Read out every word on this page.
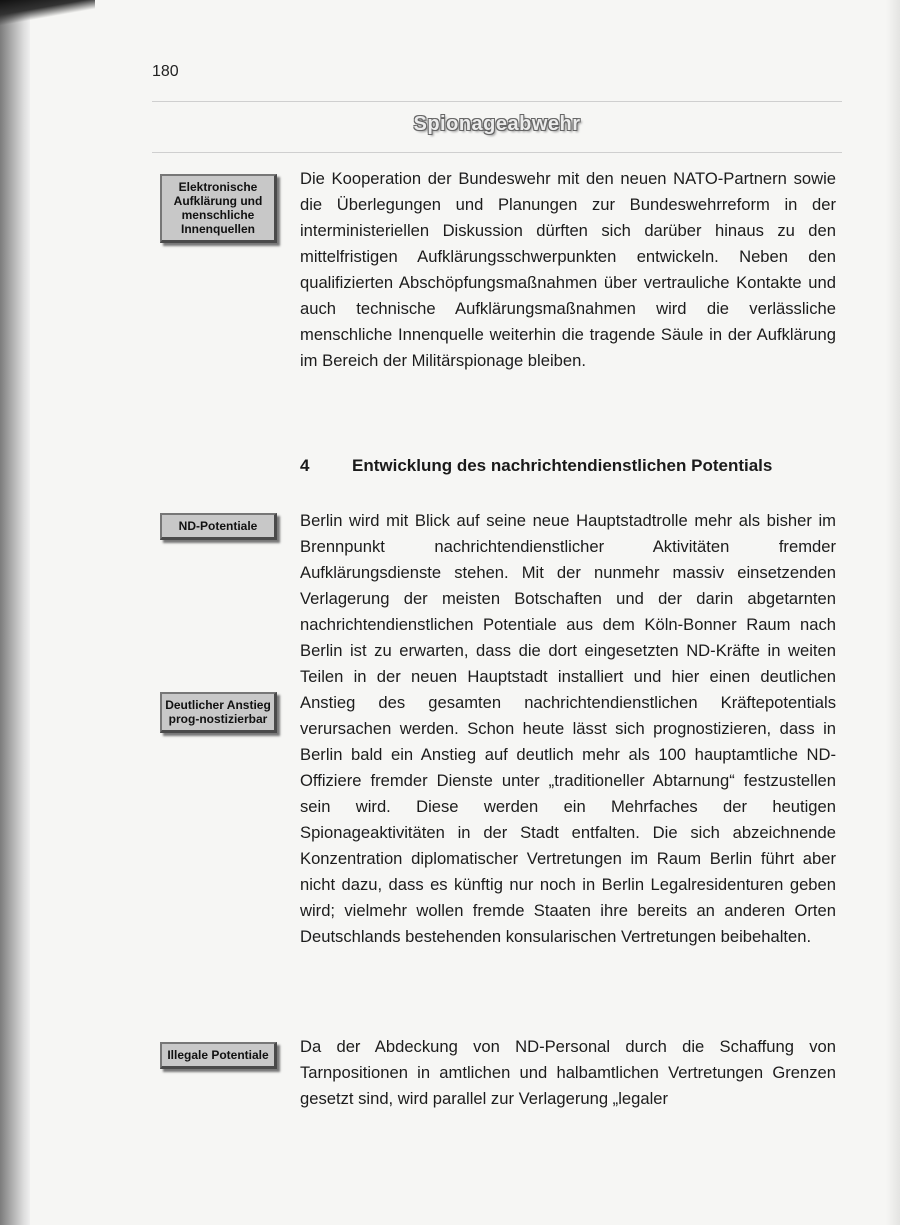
180
Spionageabwehr
Elektronische Aufklärung und menschliche Innenquellen
ND-Potentiale
Deutlicher Anstieg prog-nostizierbar
Illegale Potentiale
Die Kooperation der Bundeswehr mit den neuen NATO-Partnern sowie die Überlegungen und Planungen zur Bundeswehrreform in der interministeriellen Diskussion dürften sich darüber hinaus zu den mittelfristigen Aufklärungsschwerpunkten entwickeln. Neben den qualifizierten Abschöpfungsmaßnahmen über vertrauliche Kontakte und auch technische Aufklärungsmaßnahmen wird die verlässliche menschliche Innenquelle weiterhin die tragende Säule in der Aufklärung im Bereich der Militärspionage bleiben.
4	Entwicklung des nachrichtendienstlichen Potentials
Berlin wird mit Blick auf seine neue Hauptstadtrolle mehr als bisher im Brennpunkt nachrichtendienstlicher Aktivitäten fremder Aufklärungsdienste stehen. Mit der nunmehr massiv einsetzenden Verlagerung der meisten Botschaften und der darin abgetarnten nachrichtendienstlichen Potentiale aus dem Köln-Bonner Raum nach Berlin ist zu erwarten, dass die dort eingesetzten ND-Kräfte in weiten Teilen in der neuen Hauptstadt installiert und hier einen deutlichen Anstieg des gesamten nachrichtendienstlichen Kräftepotentials verursachen werden. Schon heute lässt sich prognostizieren, dass in Berlin bald ein Anstieg auf deutlich mehr als 100 hauptamtliche ND-Offiziere fremder Dienste unter „traditioneller Abtarnung“ festzustellen sein wird. Diese werden ein Mehrfaches der heutigen Spionageaktivitäten in der Stadt entfalten. Die sich abzeichnende Konzentration diplomatischer Vertretungen im Raum Berlin führt aber nicht dazu, dass es künftig nur noch in Berlin Legalresidenturen geben wird; vielmehr wollen fremde Staaten ihre bereits an anderen Orten Deutschlands bestehenden konsularischen Vertretungen beibehalten.
Da der Abdeckung von ND-Personal durch die Schaffung von Tarnpositionen in amtlichen und halbamtlichen Vertretungen Grenzen gesetzt sind, wird parallel zur Verlagerung „legaler
